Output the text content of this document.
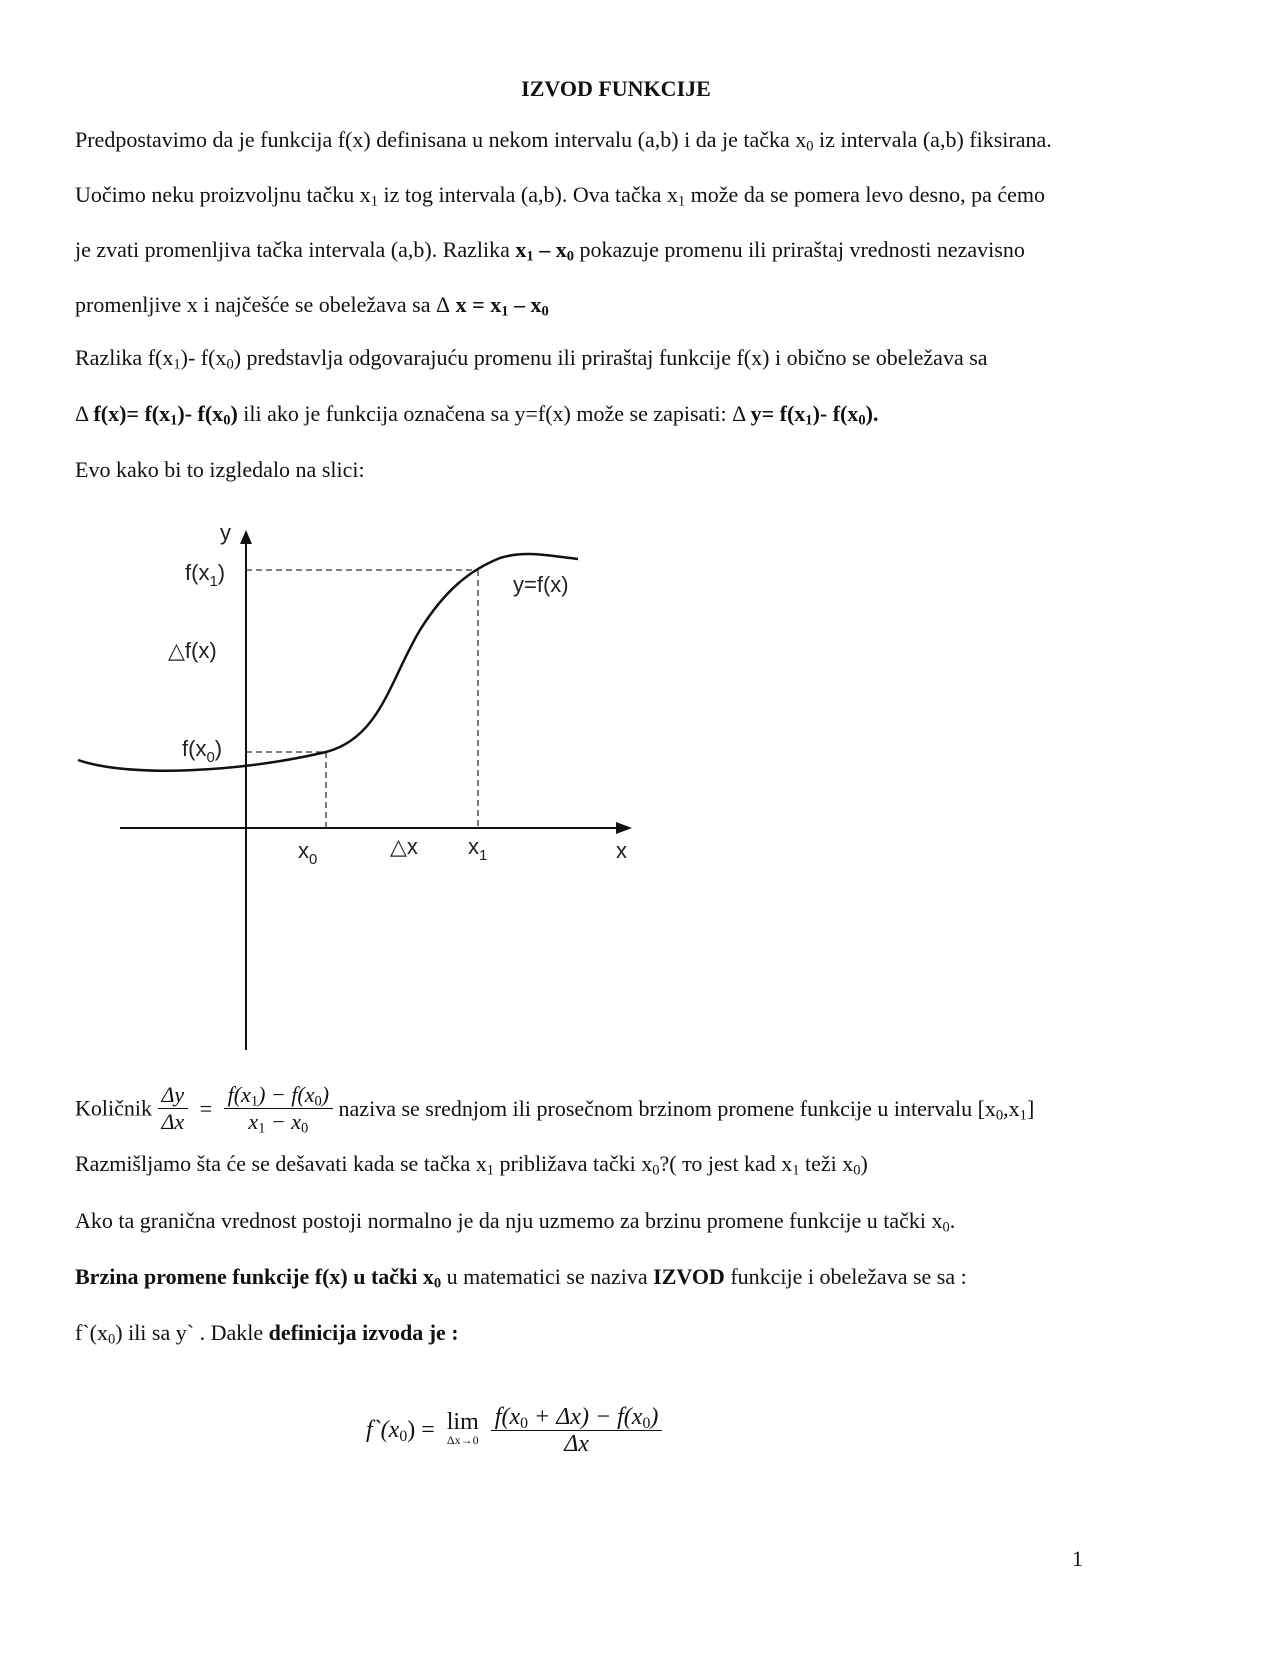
IZVOD FUNKCIJE
Predpostavimo da je funkcija f(x) definisana u nekom intervalu (a,b) i da je tačka $x_0$ iz intervala (a,b) fiksirana.
Uočimo neku proizvoljnu tačku $x_1$ iz tog intervala (a,b). Ova tačka $x_1$ može da se pomera levo desno, pa ćemo
je zvati promenljiva tačka intervala (a,b). Razlika $x_1 - x_0$ pokazuje promenu ili priraštaj vrednosti nezavisno
promenljive x i najčešće se obeležava sa Δ $x = x_1 - x_0$
Razlika $f(x_1)-$ $f(x_0)$ predstavlja odgovarajuću promenu ili priraštaj funkcije f(x) i obično se obeležava sa
Δ $f(x)= f(x_1)-$ $f(x_0)$ ili ako je funkcija označena sa y=f(x) može se zapisati: Δ $y= f(x_1)-$ $f(x_0)$.
Evo kako bi to izgledalo na slici:
y
x
$f(x_1)$
△f(x)
$f(x_0)$
y=f(x)
$x_0$
△x $x_1$
Količnik $\frac{\Delta y}{\Delta x} = \frac{f(x_1) - f(x_0)}{x_1 - x_0}$ naziva se srednjom ili prosečnom brzinom promene funkcije u intervalu $[x_0,x_1]$
Razmišljamo šta će se dešavati kada se tačka $x_1$ približava tački $x_0$?( то jest kad $x_1$ teži $x_0$)
Ako ta granična vrednost postoji normalno je da nju uzmemo za brzinu promene funkcije u tački $x_0$.
Brzina promene funkcije f(x) u tački $x_0$ u matematici se naziva IZVOD funkcije i obeležava se sa :
$f`(x_0)$ ili sa y` . Dakle definicija izvoda je :
$f`(x_0) = \lim$
Δx→0
$\frac{f(x_0 + \Delta x) - f(x_0)}{\Delta x}$
1
